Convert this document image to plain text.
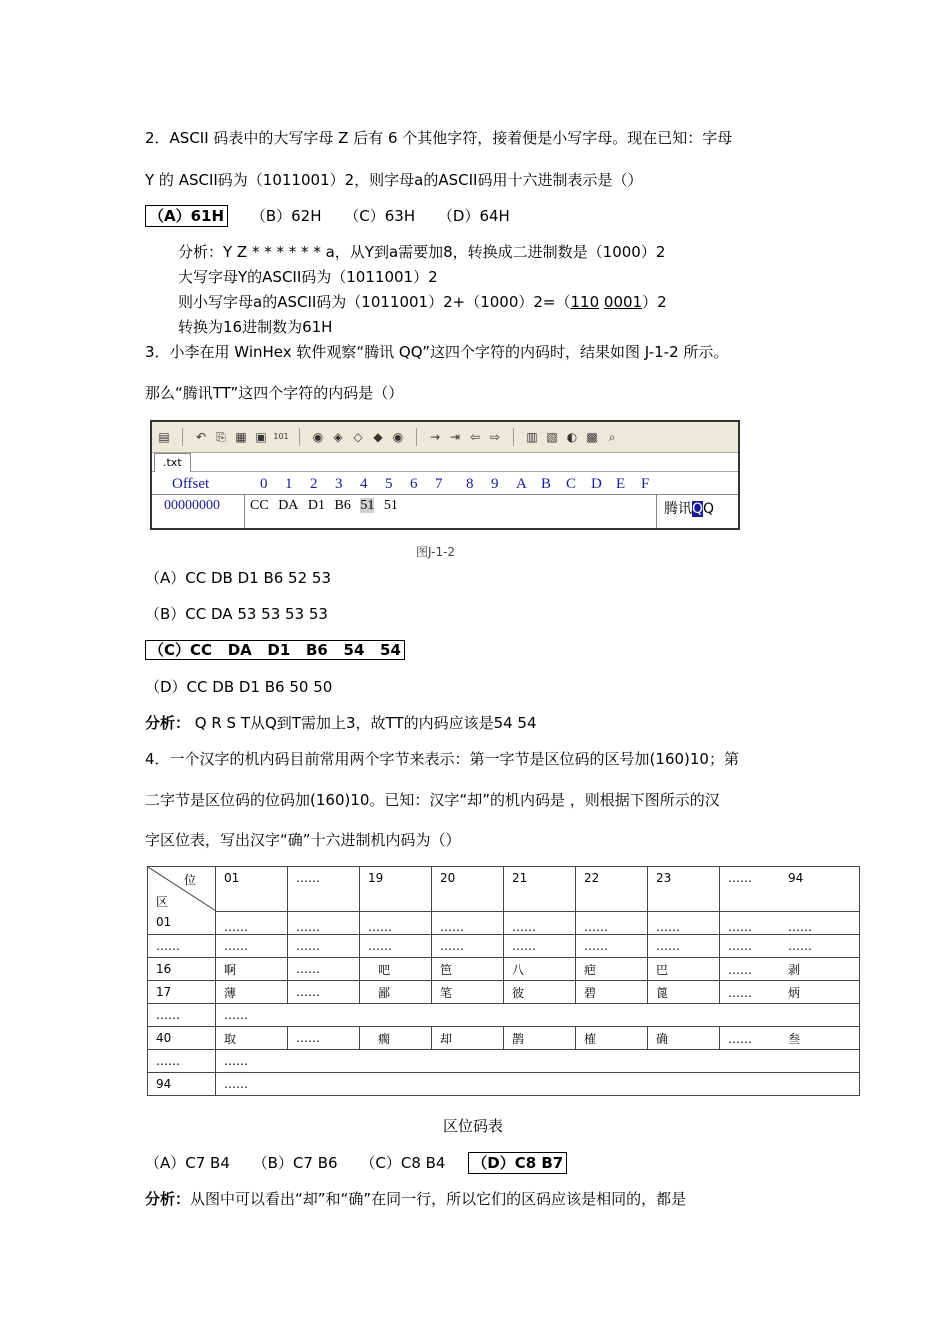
2．ASCII 码表中的大写字母 Z 后有 6 个其他字符，接着便是小写字母。现在已知：字母
Y 的 ASCII码为（1011001）2，则字母a的ASCII码用十六进制表示是（）
（A）61H （B）62H （C）63H （D）64H
分析：Y Z * * * * * * a，从Y到a需要加8，转换成二进制数是（1000）2
大写字母Y的ASCII码为（1011001）2
则小写字母a的ASCII码为（1011001）2+（1000）2=（110 0001）2
转换为16进制数为61H
3．小李在用 WinHex 软件观察“腾讯 QQ”这四个字符的内码时，结果如图 J-1-2 所示。
那么“腾讯TT”这四个字符的内码是（）
▤ ↶ ⎘ ▦ ▣ 101 ◉ ◈ ◇ ◆ ◉ → ⇥ ⇦ ⇨ ▥ ▧ ◐ ▩ ⌕
.txt
Offset	0 1 2 3 4 5 6 7 8 9 A B C D E F
00000000 CC DA D1 B6 51 51	腾讯QQ
图J-1-2
（A）CC DB D1 B6 52 53
（B）CC DA 53 53 53 53
（C）CC   DA   D1   B6   54   54
（D）CC DB D1 B6 50 50
分析： Q R S T从Q到T需加上3，故TT的内码应该是54 54
4．一个汉字的机内码目前常用两个字节来表示：第一字节是区位码的区号加(160)10；第
二字节是区位码的位码加(160)10。已知：汉字“却”的机内码是 ，则根据下图所示的汉
字区位表，写出汉字“确”十六进制机内码为（）
位
区
01	01	……	19	20	21	22	23	…… 94
	……	……	……	……	……	……	……	…… ……
……	……	……	……	……	……	……	……	…… ……
16	啊	……	吧	笆	八	疤	巴	…… 剥
17	薄	……	鄙	笔	彼	碧	蓖	…… 炳
……	……							
40	取	……	瘸	却	鹊	榷	确	…… 叁
……	……							
94	……							
区位码表
（A）C7 B4 （B）C7 B6 （C）C8 B4 （D）C8 B7
分析：从图中可以看出“却”和“确”在同一行，所以它们的区码应该是相同的，都是
